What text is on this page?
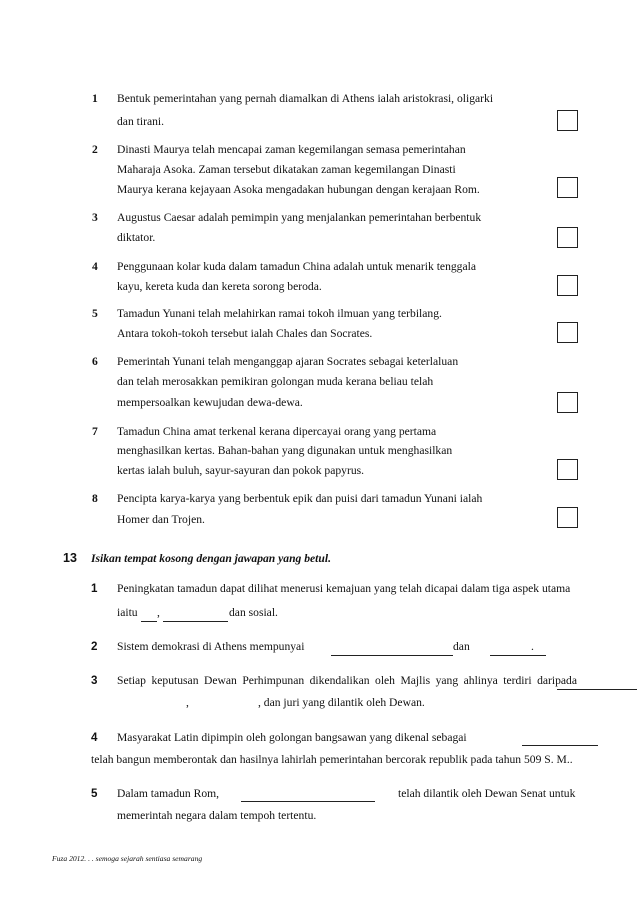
1 Bentuk pemerintahan yang pernah diamalkan di Athens ialah aristokrasi, oligarki
dan tirani.
2 Dinasti Maurya telah mencapai zaman kegemilangan semasa pemerintahan
Maharaja Asoka. Zaman tersebut dikatakan zaman kegemilangan Dinasti
Maurya kerana kejayaan Asoka mengadakan hubungan dengan kerajaan Rom.
3 Augustus Caesar adalah pemimpin yang menjalankan pemerintahan berbentuk
diktator.
4 Penggunaan kolar kuda dalam tamadun China adalah untuk menarik tenggala
kayu, kereta kuda dan kereta sorong beroda.
5 Tamadun Yunani telah melahirkan ramai tokoh ilmuan yang terbilang.
Antara tokoh-tokoh tersebut ialah Chales dan Socrates.
6 Pemerintah Yunani telah menganggap ajaran Socrates sebagai keterlaluan
dan telah merosakkan pemikiran golongan muda kerana beliau telah
mempersoalkan kewujudan dewa-dewa.
7 Tamadun China amat terkenal kerana dipercayai orang yang pertama
menghasilkan kertas. Bahan-bahan yang digunakan untuk menghasilkan
kertas ialah buluh, sayur-sayuran dan pokok papyrus.
8 Pencipta karya-karya yang berbentuk epik dan puisi dari tamadun Yunani ialah
Homer dan Trojen.
13 Isikan tempat kosong dengan jawapan yang betul.
1 Peningkatan tamadun dapat dilihat menerusi kemajuan yang telah dicapai dalam tiga aspek utama
iaitu ,	dan sosial.
2 Sistem demokrasi di Athens mempunyai	dan	.
3 Setiap keputusan Dewan Perhimpunan dikendalikan oleh Majlis yang ahlinya terdiri daripada
,	, dan juri yang dilantik oleh Dewan.
4 Masyarakat Latin dipimpin oleh golongan bangsawan yang dikenal sebagai
telah bangun memberontak dan hasilnya lahirlah pemerintahan bercorak republik pada tahun 509 S. M..
5 Dalam tamadun Rom,	telah dilantik oleh Dewan Senat untuk
memerintah negara dalam tempoh tertentu.
Fuza 2012. . . semoga sejarah sentiasa semarang
